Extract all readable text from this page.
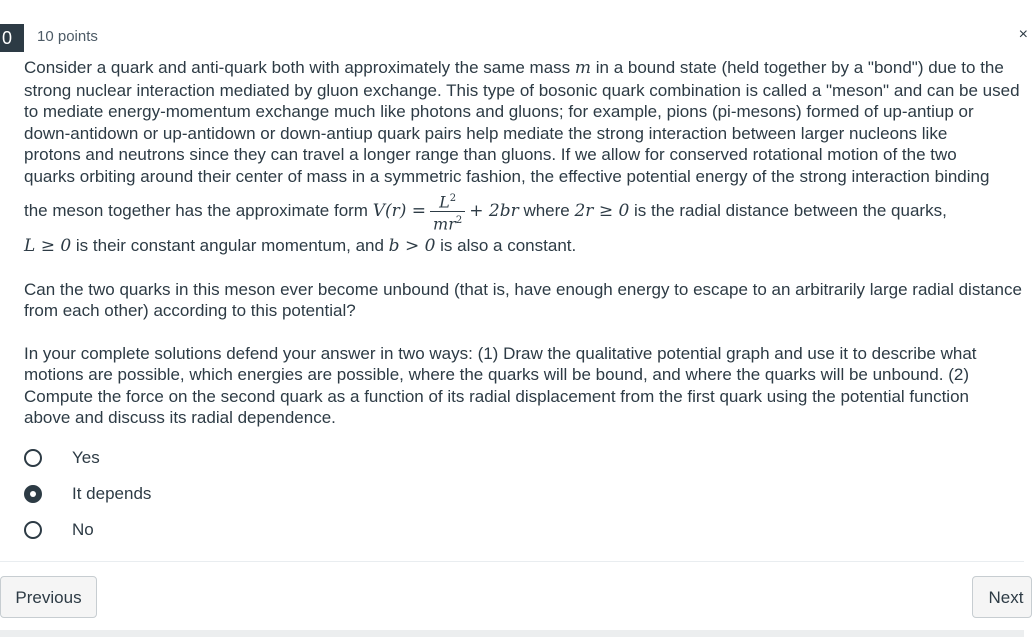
0	10 points	×

Consider a quark and anti-quark both with approximately the same mass m in a bound state (held together by a "bond") due to the

strong nuclear interaction mediated by gluon exchange. This type of bosonic quark combination is called a "meson" and can be used

to mediate energy-momentum exchange much like photons and gluons; for example, pions (pi-mesons) formed of up-antiup or

down-antidown or up-antidown or down-antiup quark pairs help mediate the strong interaction between larger nucleons like

protons and neutrons since they can travel a longer range than gluons. If we allow for conserved rotational motion of the two

quarks orbiting around their center of mass in a symmetric fashion, the effective potential energy of the strong interaction binding

the meson together has the approximate form $V(r) = \frac{L^2}{mr^2} + 2br$ where 2r ≥ 0 is the radial distance between the quarks,

L ≥ 0 is their constant angular momentum, and b > 0 is also a constant.

Can the two quarks in this meson ever become unbound (that is, have enough energy to escape to an arbitrarily large radial distance

from each other) according to this potential?

In your complete solutions defend your answer in two ways: (1) Draw the qualitative potential graph and use it to describe what

motions are possible, which energies are possible, where the quarks will be bound, and where the quarks will be unbound. (2)

Compute the force on the second quark as a function of its radial displacement from the first quark using the potential function

above and discuss its radial dependence.

Yes
It depends
No
Previous	Next
